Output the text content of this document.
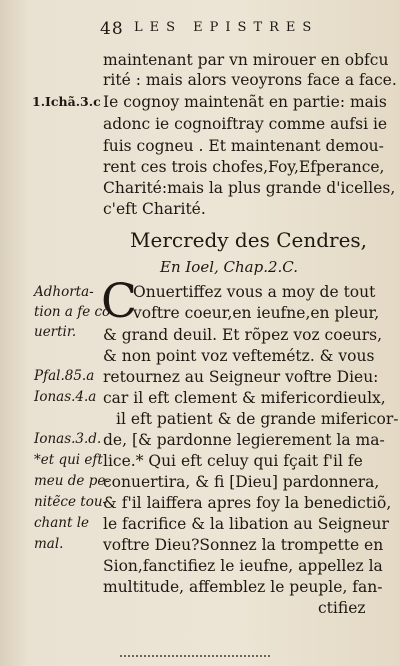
48 LES EPISTRES
maintenant par vn mirouer en obfcu
rité : mais alors veoyrons face a face.
Ie cognoy maintenãt en partie: mais
adonc ie cognoiftray comme aufsi ie
fuis cogneu . Et maintenant demou-
rent ces trois chofes,Foy,Efperance,
Charité:mais la plus grande d'icelles,
c'eft Charité.
Mercredy des Cendres,
En Ioel, Chap.2.C.
C
Onuertiffez vous a moy de tout
voftre coeur,en ieufne,en pleur,
& grand deuil. Et rõpez voz coeurs,
& non point voz veftemétz. & vous
retournez au Seigneur voftre Dieu:
car il eft clement & mifericordieulx,
il eft patient & de grande mifericor-
de, [& pardonne legierement la ma-
lice.* Qui eft celuy qui fçait f'il fe
conuertira, & fi [Dieu] pardonnera,
& f'il laiffera apres foy la benedictiõ,
le facrifice & la libation au Seigneur
voftre Dieu?Sonnez la trompette en
Sion,fanctifiez le ieufne, appellez la
multitude, affemblez le peuple, fan-
ctifiez
1.Ichã.3.c
Adhorta-
tion a fe cõ
uertir.
Pfal.85.a
Ionas.4.a
Ionas.3.d.
*et qui eft
meu de pe-
nitẽce tou-
chant le
mal.
